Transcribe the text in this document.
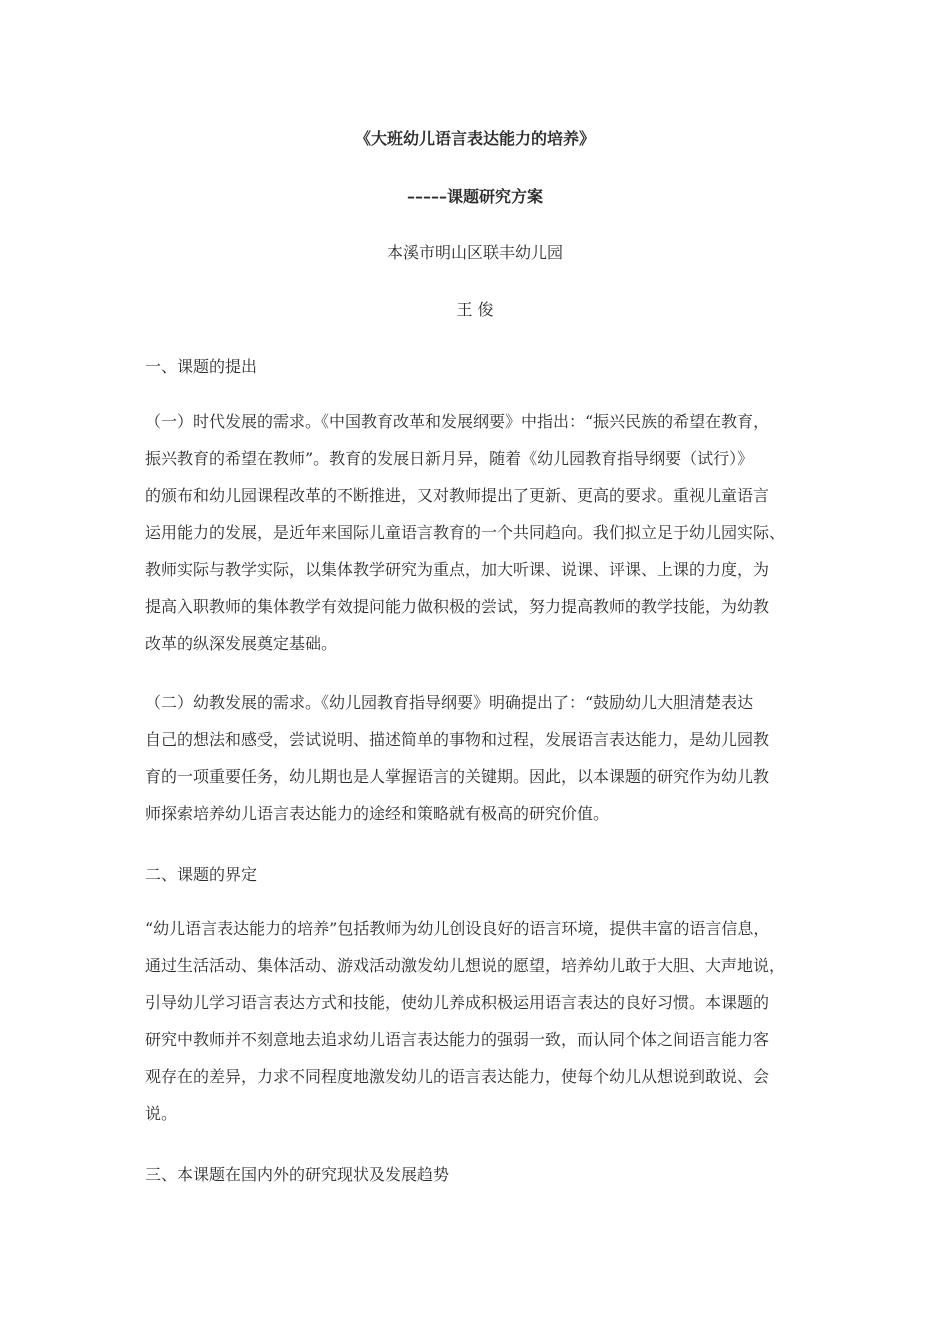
《大班幼儿语言表达能力的培养》
–––––课题研究方案
本溪市明山区联丰幼儿园
王 俊
一、课题的提出
（一）时代发展的需求。《中国教育改革和发展纲要》中指出：“振兴民族的希望在教育，
振兴教育的希望在教师”。教育的发展日新月异，随着《幼儿园教育指导纲要（试行）》
的颁布和幼儿园课程改革的不断推进，又对教师提出了更新、更高的要求。重视儿童语言
运用能力的发展，是近年来国际儿童语言教育的一个共同趋向。我们拟立足于幼儿园实际、
教师实际与教学实际，以集体教学研究为重点，加大听课、说课、评课、上课的力度，为
提高入职教师的集体教学有效提问能力做积极的尝试，努力提高教师的教学技能，为幼教
改革的纵深发展奠定基础。
（二）幼教发展的需求。《幼儿园教育指导纲要》明确提出了：“鼓励幼儿大胆清楚表达
自己的想法和感受，尝试说明、描述简单的事物和过程，发展语言表达能力，是幼儿园教
育的一项重要任务，幼儿期也是人掌握语言的关键期。因此，以本课题的研究作为幼儿教
师探索培养幼儿语言表达能力的途经和策略就有极高的研究价值。
二、课题的界定
“幼儿语言表达能力的培养”包括教师为幼儿创设良好的语言环境，提供丰富的语言信息，
通过生活活动、集体活动、游戏活动激发幼儿想说的愿望，培养幼儿敢于大胆、大声地说，
引导幼儿学习语言表达方式和技能，使幼儿养成积极运用语言表达的良好习惯。本课题的
研究中教师并不刻意地去追求幼儿语言表达能力的强弱一致，而认同个体之间语言能力客
观存在的差异，力求不同程度地激发幼儿的语言表达能力，使每个幼儿从想说到敢说、会
说。
三、本课题在国内外的研究现状及发展趋势
